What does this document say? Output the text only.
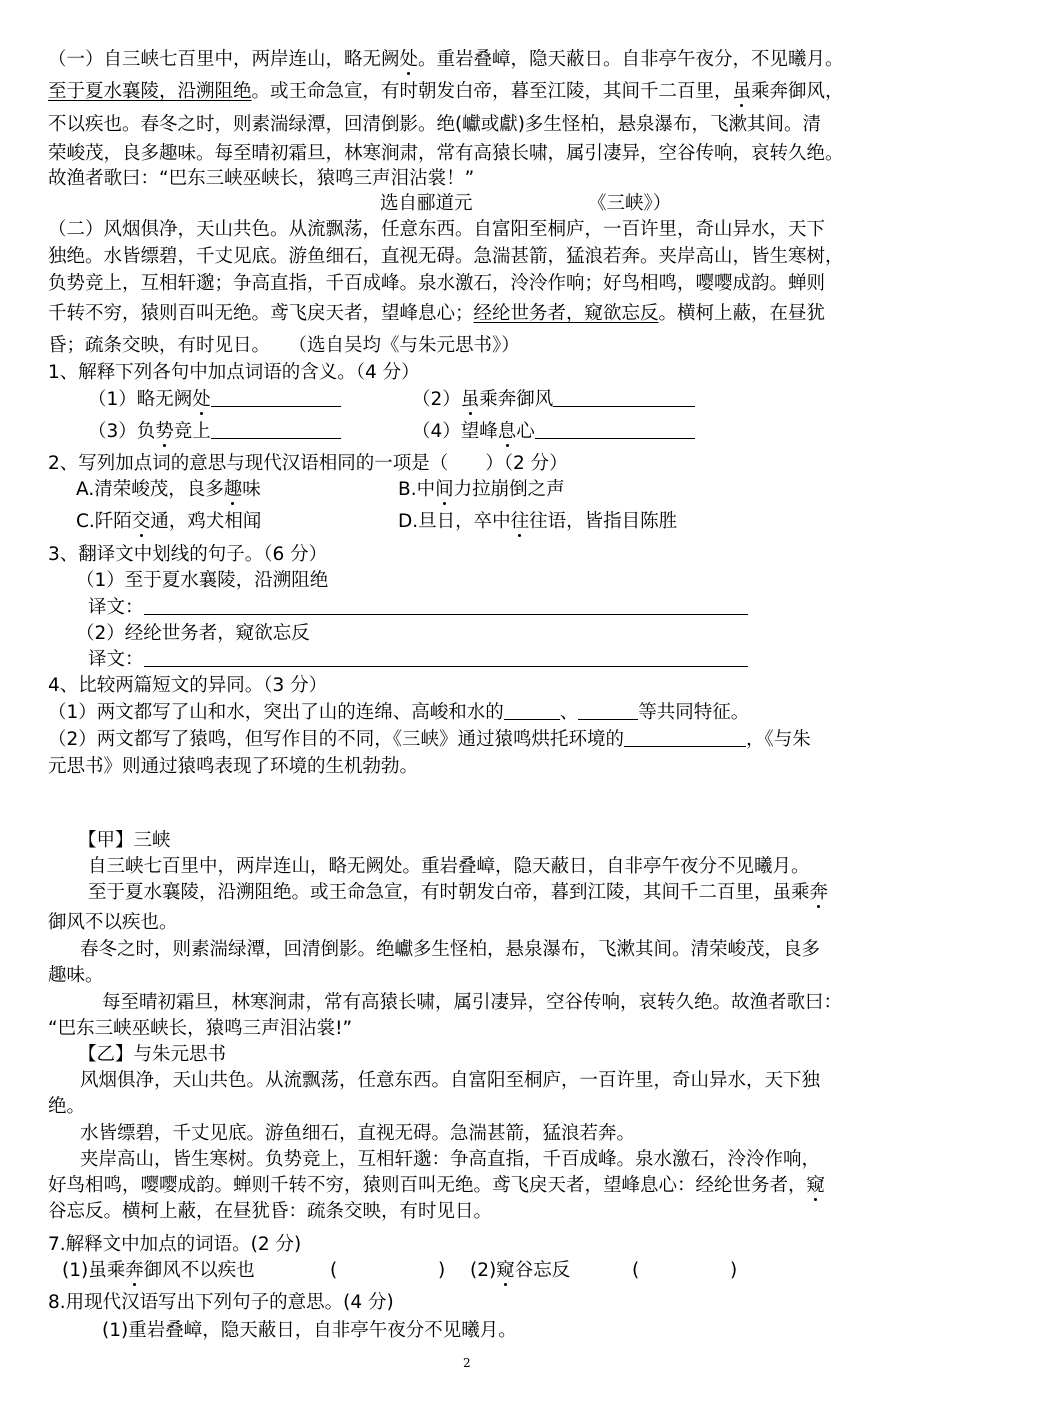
（一）自三峡七百里中，两岸连山，略无阙处。重岩叠嶂，隐天蔽日。自非亭午夜分，不见曦月。
至于夏水襄陵，沿溯阻绝。或王命急宣，有时朝发白帝，暮至江陵，其间千二百里，虽乘奔御风，
不以疾也。春冬之时，则素湍绿潭，回清倒影。绝(巘或獻)多生怪柏，悬泉瀑布，飞漱其间。清
荣峻茂，良多趣味。每至晴初霜旦，林寒涧肃，常有高猿长啸，属引凄异，空谷传响，哀转久绝。
故渔者歌曰：“巴东三峡巫峡长，猿鸣三声泪沾裳！”
选自郦道元	《三峡》）
（二）风烟俱净，天山共色。从流飘荡，任意东西。自富阳至桐庐，一百许里，奇山异水，天下
独绝。水皆缥碧，千丈见底。游鱼细石，直视无碍。急湍甚箭，猛浪若奔。夹岸高山，皆生寒树，
负势竞上，互相轩邈；争高直指，千百成峰。泉水激石，泠泠作响；好鸟相鸣，嘤嘤成韵。蝉则
千转不穷，猿则百叫无绝。鸢飞戾天者，望峰息心；经纶世务者，窥欲忘反。横柯上蔽，在昼犹
昏；疏条交映，有时见日。　　（选自吴均《与朱元思书》）
1、解释下列各句中加点词语的含义。（4 分）
（1）略无阙处	（2）虽乘奔御风
（3）负势竞上	（4）望峰息心
2、写列加点词的意思与现代汉语相同的一项是（　　）（2 分）
A.清荣峻茂，良多趣味	B.中间力拉崩倒之声
C.阡陌交通，鸡犬相闻	D.旦日，卒中往往语，皆指目陈胜
3、翻译文中划线的句子。（6 分）
（1）至于夏水襄陵，沿溯阻绝
译文：
（2）经纶世务者，窥欲忘反
译文：
4、比较两篇短文的异同。（3 分）
（1）两文都写了山和水，突出了山的连绵、高峻和水的	、	等共同特征。
（2）两文都写了猿鸣，但写作目的不同，《三峡》通过猿鸣烘托环境的	，《与朱
元思书》则通过猿鸣表现了环境的生机勃勃。
【甲】三峡
自三峡七百里中，两岸连山，略无阙处。重岩叠嶂，隐天蔽日，自非亭午夜分不见曦月。
至于夏水襄陵，沿溯阻绝。或王命急宣，有时朝发白帝，暮到江陵，其间千二百里，虽乘奔
御风不以疾也。
春冬之时，则素湍绿潭，回清倒影。绝巘多生怪柏，悬泉瀑布，飞漱其间。清荣峻茂，良多
趣味。
每至晴初霜旦，林寒涧肃，常有高猿长啸，属引凄异，空谷传响，哀转久绝。故渔者歌曰：
“巴东三峡巫峡长，猿鸣三声泪沾裳!”
【乙】与朱元思书
风烟俱净，天山共色。从流飘荡，任意东西。自富阳至桐庐，一百许里，奇山异水，天下独
绝。
水皆缥碧，千丈见底。游鱼细石，直视无碍。急湍甚箭，猛浪若奔。
夹岸高山，皆生寒树。负势竞上，互相轩邈：争高直指，千百成峰。泉水激石，泠泠作响，
好鸟相鸣，嘤嘤成韵。蝉则千转不穷，猿则百叫无绝。鸢飞戾天者，望峰息心：经纶世务者，窥
谷忘反。横柯上蔽，在昼犹昏：疏条交映，有时见日。
7.解释文中加点的词语。(2 分)
(1)虽乘奔御风不以疾也	(	) (2)窥谷忘反	(	)
8.用现代汉语写出下列句子的意思。(4 分)
(1)重岩叠嶂，隐天蔽日，自非亭午夜分不见曦月。
2
